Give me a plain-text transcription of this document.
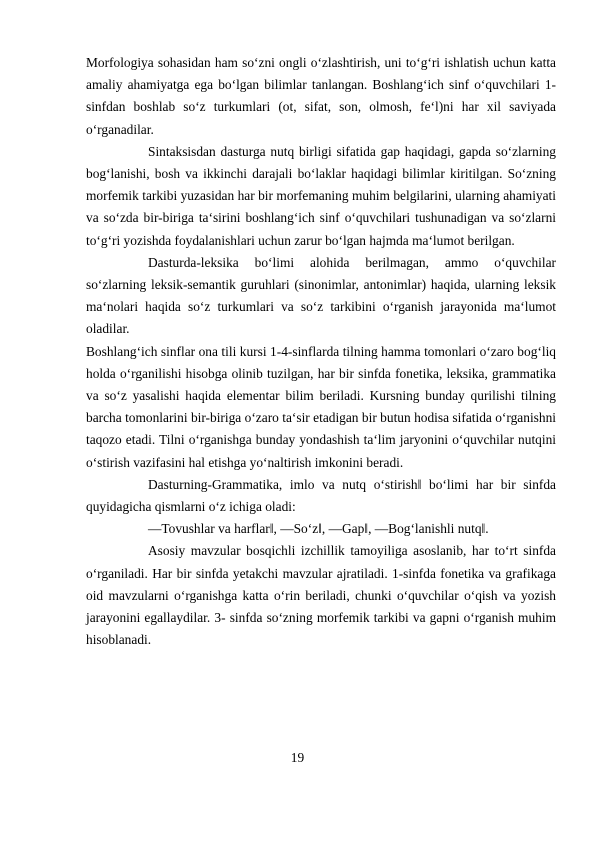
Morfologiya sohasidan ham so‘zni ongli o‘zlashtirish, uni to‘g‘ri ishlatish uchun katta amaliy ahamiyatga ega bo‘lgan bilimlar tanlangan. Boshlang‘ich sinf o‘quvchilari 1-sinfdan boshlab so‘z turkumlari (ot, sifat, son, olmosh, fe‘l)ni har xil saviyada o‘rganadilar.

Sintaksisdan dasturga nutq birligi sifatida gap haqidagi, gapda so‘zlarning bog‘lanishi, bosh va ikkinchi darajali bo‘laklar haqidagi bilimlar kiritilgan. So‘zning morfemik tarkibi yuzasidan har bir morfemaning muhim belgilarini, ularning ahamiyati va so‘zda bir-biriga ta‘sirini boshlang‘ich sinf o‘quvchilari tushunadigan va so‘zlarni to‘g‘ri yozishda foydalanishlari uchun zarur bo‘lgan hajmda ma‘lumot berilgan.

Dasturda-leksika bo‘limi alohida berilmagan, ammo o‘quvchilar so‘zlarning leksik-semantik guruhlari (sinonimlar, antonimlar) haqida, ularning leksik ma‘nolari haqida so‘z turkumlari va so‘z tarkibini o‘rganish jarayonida ma‘lumot oladilar.

Boshlang‘ich sinflar ona tili kursi 1-4-sinflarda tilning hamma tomonlari o‘zaro bog‘liq holda o‘rganilishi hisobga olinib tuzilgan, har bir sinfda fonetika, leksika, grammatika va so‘z yasalishi haqida elementar bilim beriladi. Kursning bunday qurilishi tilning barcha tomonlarini bir-biriga o‘zaro ta‘sir etadigan bir butun hodisa sifatida o‘rganishni taqozo etadi. Tilni o‘rganishga bunday yondashish ta‘lim jaryonini o‘quvchilar nutqini o‘stirish vazifasini hal etishga yo‘naltirish imkonini beradi.

Dasturning-Grammatika, imlo va nutq o‘stirish‖ bo‘limi har bir sinfda quyidagicha qismlarni o‘z ichiga oladi:

―Tovushlar va harflar‖, ―So‘z‖, ―Gap‖, ―Bog‘lanishli nutq‖.

Asosiy mavzular bosqichli izchillik tamoyiliga asoslanib, har to‘rt sinfda o‘rganiladi. Har bir sinfda yetakchi mavzular ajratiladi. 1-sinfda fonetika va grafikaga oid mavzularni o‘rganishga katta o‘rin beriladi, chunki o‘quvchilar o‘qish va yozish jarayonini egallaydilar. 3- sinfda so‘zning morfemik tarkibi va gapni o‘rganish muhim hisoblanadi.

19
